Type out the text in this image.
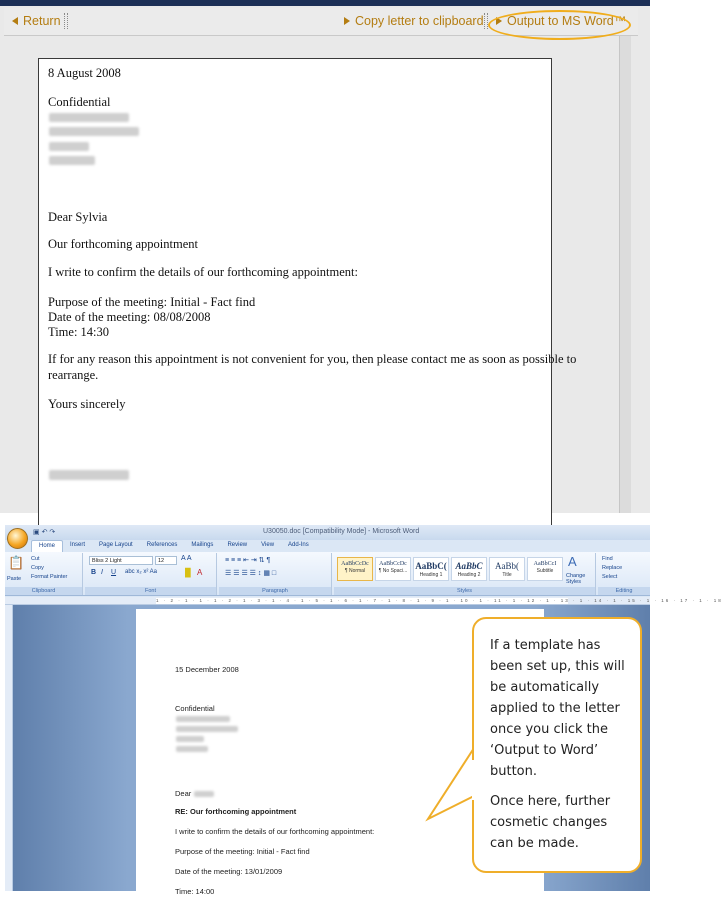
Return	Copy letter to clipboard Output to MS Word™

8 August 2008

Confidential

Dear Sylvia

Our forthcoming appointment

I write to confirm the details of our forthcoming appointment:

Purpose of the meeting: Initial - Fact find

Date of the meeting: 08/08/2008

Time: 14:30

If for any reason this appointment is not convenient for you, then please contact me as soon as possible to

rearrange.

Yours sincerely

U30050.doc [Compatibility Mode] - Microsoft Word
▣ ↶ ↷
Home	Insert	Page Layout	References	Mailings	Review	View	Add-Ins
📋
Paste
Cut
Copy
Format Painter
Clipboard
Bliss 2 Light	12	A A
B I U abc x₂ x² Aa	█ A
Font
≡ ≡ ≡ ⇤ ⇥ ⇅ ¶
☰ ☰ ☰ ☰ ↕ ▦ □
Paragraph
AaBbCcDc
¶ Normal
AaBbCcDc
¶ No Spaci... AaBbC(
Heading 1
AaBbC
Heading 2
AaBb(
Title
AaBbCcI
Subtitle
A
Change Styles
Styles
Find
Replace
Select
Editing
1 · 2 · 1 · 1 · 1 · 2 · 1 · 3 · 1 · 4 · 1 · 5 · 1 · 6 · 1 · 7 · 1 · 8 · 1 · 9 · 1 · 10 · 1 · 11 · 1 · 12 · 1 · 13 · 1 · 14 · 1 · 15 · 1 · 16 · 17 · 1 · 18

15 December 2008

Confidential

Dear

RE: Our forthcoming appointment

I write to confirm the details of our forthcoming appointment:

Purpose of the meeting: Initial - Fact find

Date of the meeting: 13/01/2009

Time: 14:00

If a template has been set up, this will be automatically applied to the letter once you click the ‘Output to Word’ button.

Once here, further cosmetic changes can be made.
